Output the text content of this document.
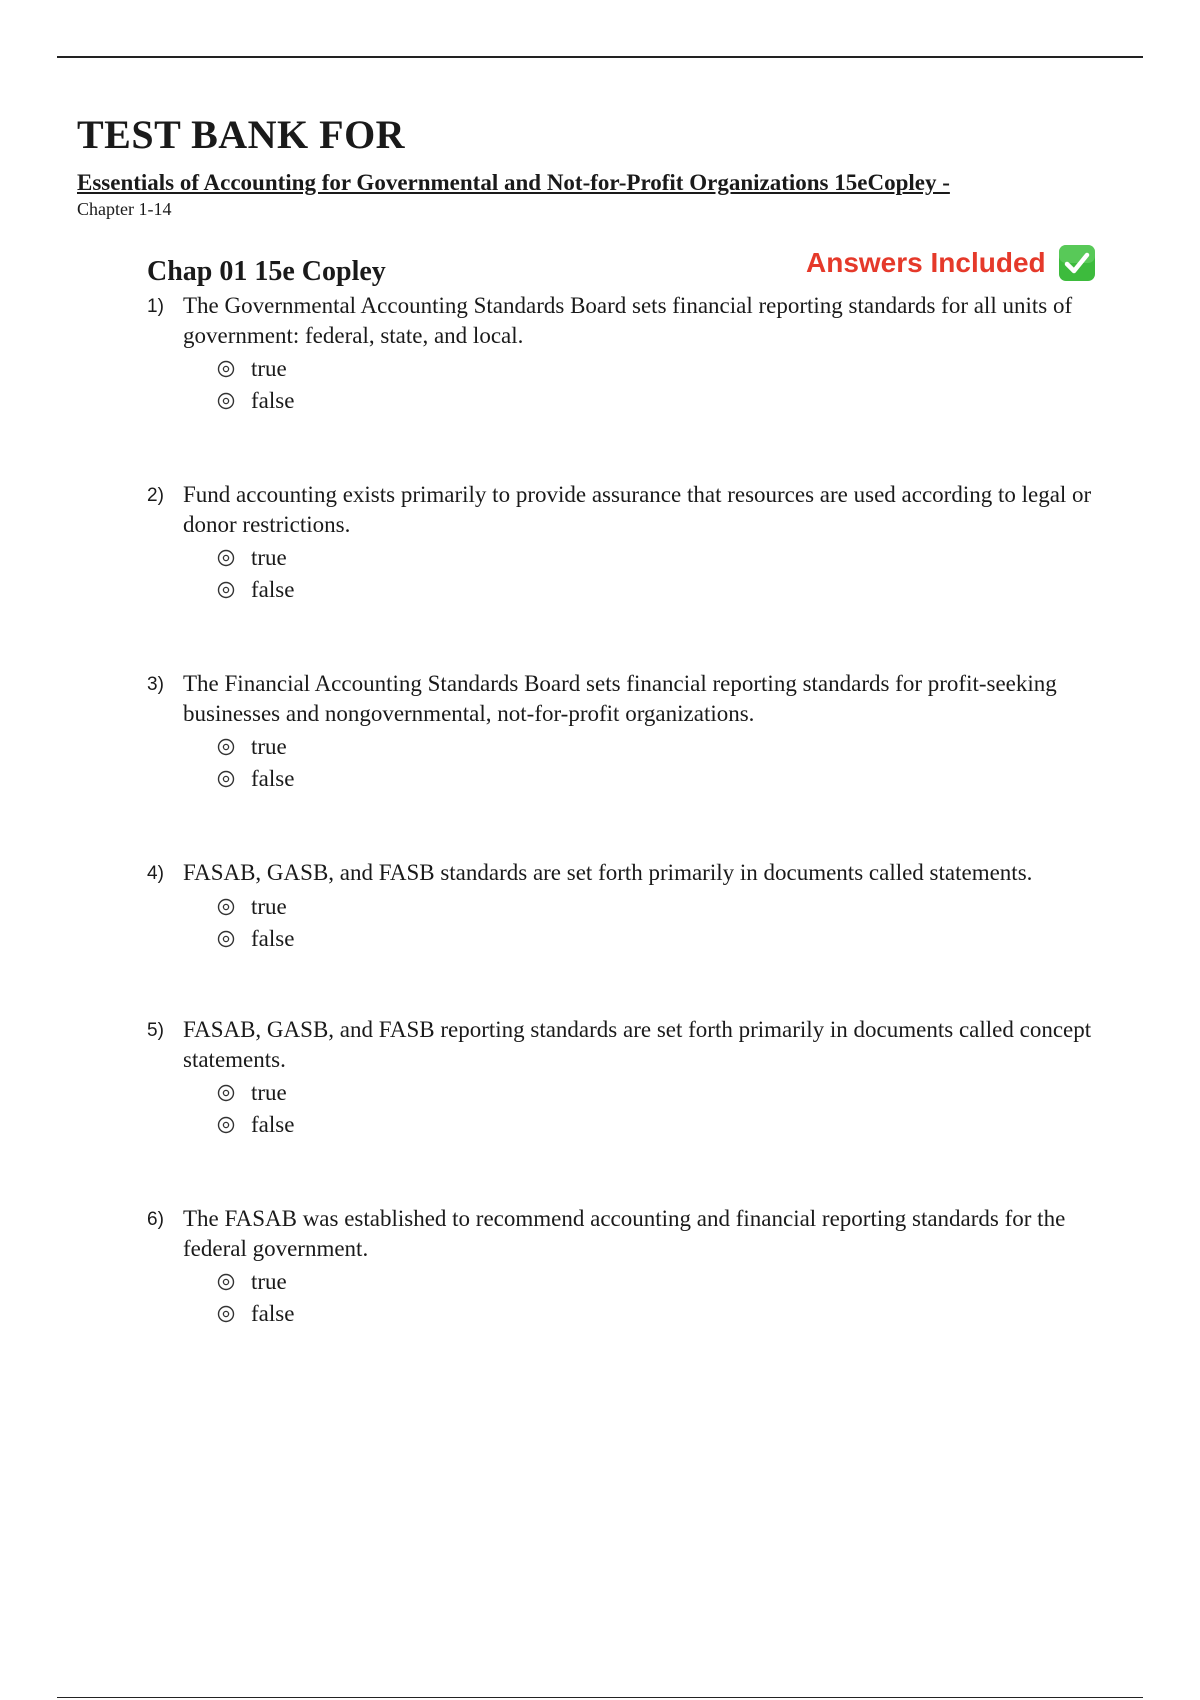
TEST BANK FOR
Essentials of Accounting for Governmental and Not-for-Profit Organizations 15eCopley -
Chapter 1-14
Chap 01 15e Copley	Answers Included
1) The Governmental Accounting Standards Board sets financial reporting standards for all units of government: federal, state, and local.
true
false
2) Fund accounting exists primarily to provide assurance that resources are used according to legal or donor restrictions.
true
false
3) The Financial Accounting Standards Board sets financial reporting standards for profit-seeking businesses and nongovernmental, not-for-profit organizations.
true
false
4) FASAB, GASB, and FASB standards are set forth primarily in documents called statements.
true
false
5) FASAB, GASB, and FASB reporting standards are set forth primarily in documents called concept statements.
true
false
6) The FASAB was established to recommend accounting and financial reporting standards for the federal government.
true
false
